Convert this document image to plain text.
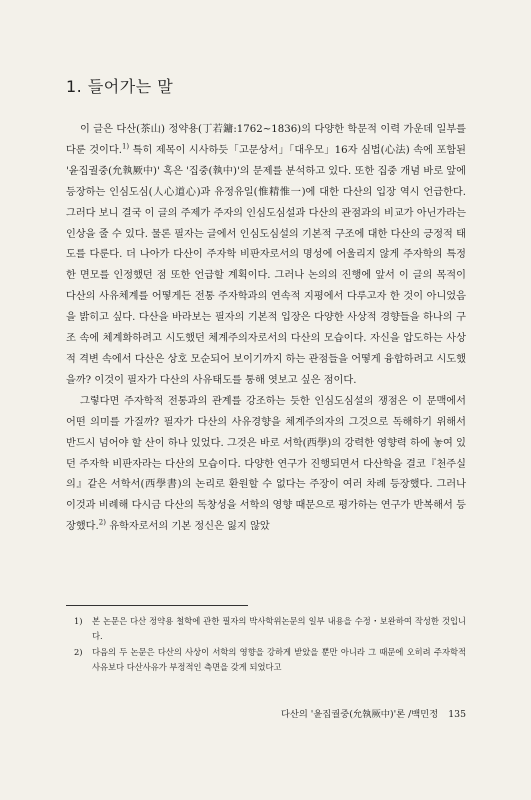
1. 들어가는 말

이 글은 다산(茶山) 정약용(丁若鏞:1762~1836)의 다양한 학문적 이력 가운데 일부를 다룬 것이다.$^{1)}$ 특히 제목이 시사하듯「고문상서」「대우모」16자 심법(心法) 속에 포함된 '윤집궐중(允執厥中)' 혹은 '집중(執中)'의 문제를 분석하고 있다. 또한 집중 개념 바로 앞에 등장하는 인심도심(人心道心)과 유정유일(惟精惟一)에 대한 다산의 입장 역시 언급한다. 그러다 보니 결국 이 글의 주제가 주자의 인심도심설과 다산의 관점과의 비교가 아닌가라는 인상을 줄 수 있다. 물론 필자는 글에서 인심도심설의 기본적 구조에 대한 다산의 긍정적 태도를 다룬다. 더 나아가 다산이 주자학 비판자로서의 명성에 어울리지 않게 주자학의 특정한 면모를 인정했던 점 또한 언급할 계획이다. 그러나 논의의 진행에 앞서 이 글의 목적이 다산의 사유체계를 어떻게든 전통 주자학과의 연속적 지평에서 다루고자 한 것이 아니었음을 밝히고 싶다. 다산을 바라보는 필자의 기본적 입장은 다양한 사상적 경향들을 하나의 구조 속에 체계화하려고 시도했던 체계주의자로서의 다산의 모습이다. 자신을 압도하는 사상적 격변 속에서 다산은 상호 모순되어 보이기까지 하는 관점들을 어떻게 융합하려고 시도했을까? 이것이 필자가 다산의 사유태도를 통해 엿보고 싶은 점이다.

그렇다면 주자학적 전통과의 관계를 강조하는 듯한 인심도심설의 쟁점은 이 문맥에서 어떤 의미를 가질까? 필자가 다산의 사유경향을 체계주의자의 그것으로 독해하기 위해서 반드시 넘어야 할 산이 하나 있었다. 그것은 바로 서학(西學)의 강력한 영향력 하에 놓여 있던 주자학 비판자라는 다산의 모습이다. 다양한 연구가 진행되면서 다산학을 결코『천주실의』같은 서학서(西學書)의 논리로 환원할 수 없다는 주장이 여러 차례 등장했다. 그러나 이것과 비례해 다시금 다산의 독창성을 서학의 영향 때문으로 평가하는 연구가 반복해서 등장했다.$^{2)}$ 유학자로서의 기본 정신은 잃지 않았

1) 본 논문은 다산 정약용 철학에 관한 필자의 박사학위논문의 일부 내용을 수정・보완하여 작성한 것입니다.
2) 다음의 두 논문은 다산의 사상이 서학의 영향을 강하게 받았을 뿐만 아니라 그 때문에 오히려 주자학적 사유보다 다산사유가 부정적인 측면을 갖게 되었다고
다산의 '윤집궐중(允執厥中)'론 /백민정 135
